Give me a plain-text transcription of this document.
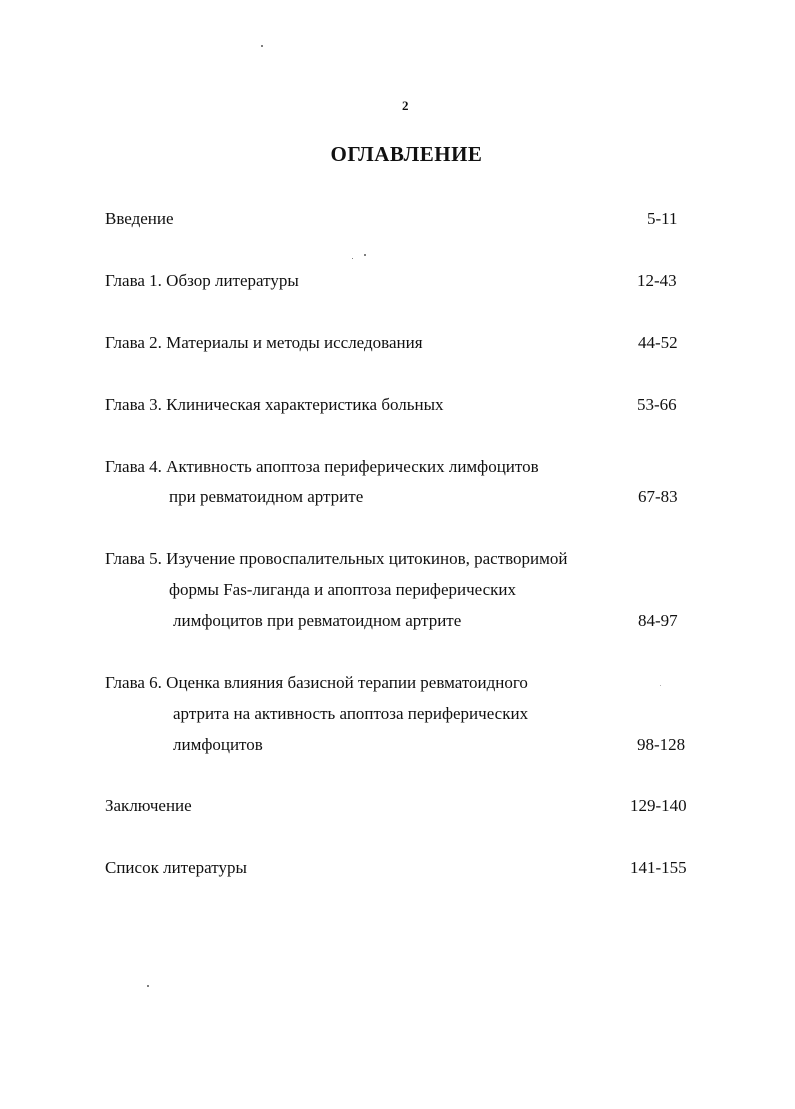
2
ОГЛАВЛЕНИЕ
Введение	5-11
Глава 1. Обзор литературы	12-43
Глава 2. Материалы и методы исследования	44-52
Глава 3. Клиническая характеристика больных	53-66
Глава 4. Активность апоптоза периферических лимфоцитов
при ревматоидном артрите	67-83
Глава 5. Изучение провоспалительных цитокинов, растворимой
формы Fas-лиганда и апоптоза периферических
лимфоцитов при ревматоидном артрите	84-97
Глава 6. Оценка влияния базисной терапии ревматоидного
артрита на активность апоптоза периферических
лимфоцитов	98-128
Заключение	129-140
Список литературы	141-155
